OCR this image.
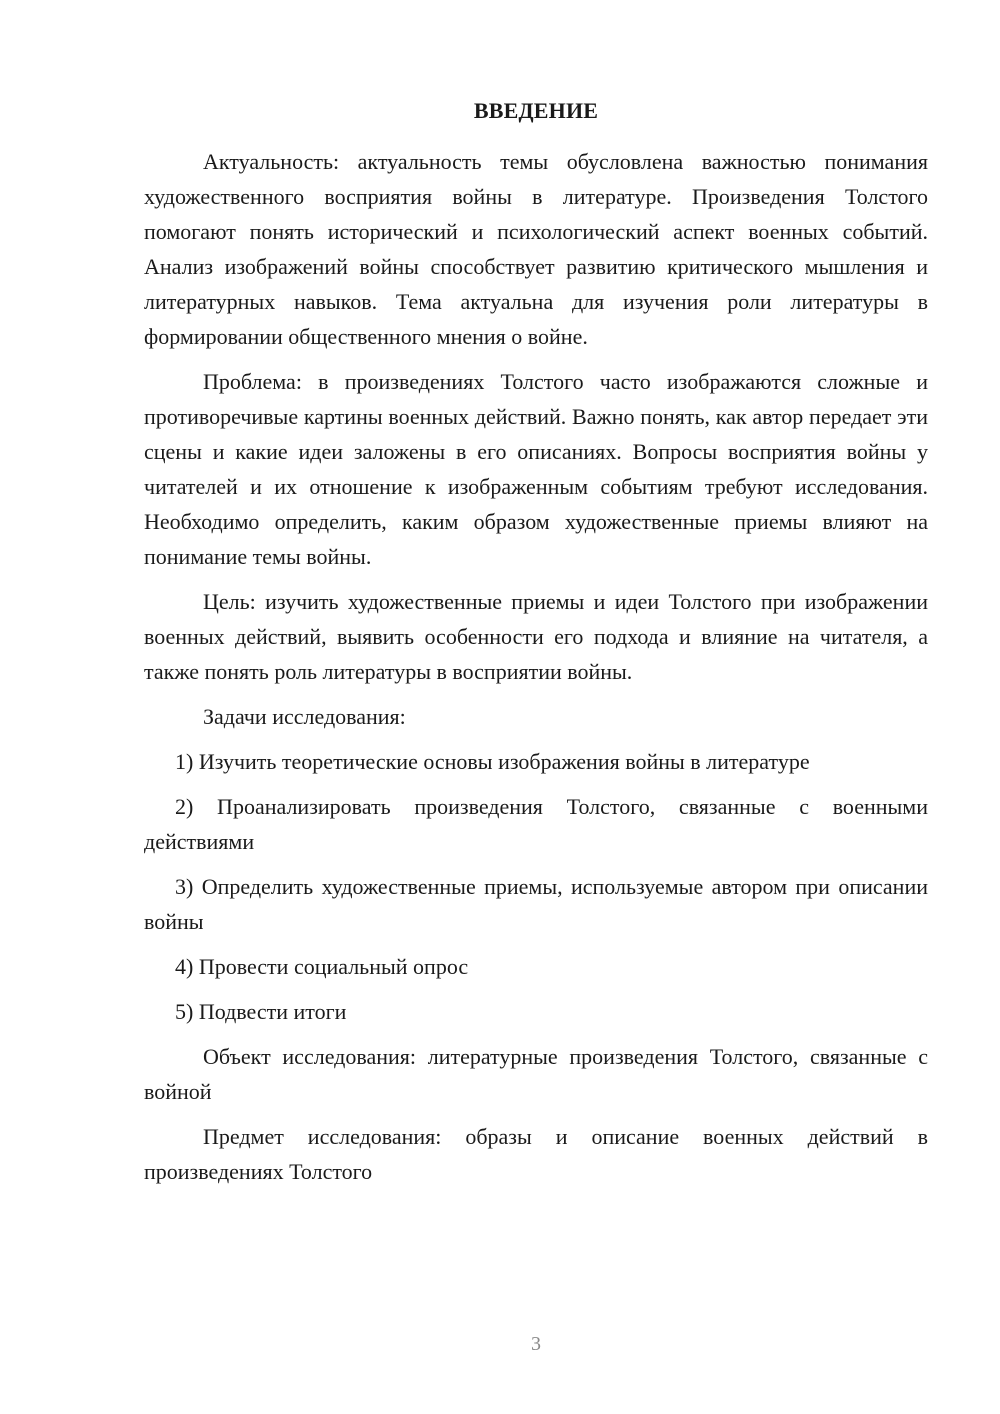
ВВЕДЕНИЕ

Актуальность: актуальность темы обусловлена важностью понимания художественного восприятия войны в литературе. Произведения Толстого помогают понять исторический и психологический аспект военных событий. Анализ изображений войны способствует развитию критического мышления и литературных навыков. Тема актуальна для изучения роли литературы в формировании общественного мнения о войне.

Проблема: в произведениях Толстого часто изображаются сложные и противоречивые картины военных действий. Важно понять, как автор передает эти сцены и какие идеи заложены в его описаниях. Вопросы восприятия войны у читателей и их отношение к изображенным событиям требуют исследования. Необходимо определить, каким образом художественные приемы влияют на понимание темы войны.

Цель: изучить художественные приемы и идеи Толстого при изображении военных действий, выявить особенности его подхода и влияние на читателя, а также понять роль литературы в восприятии войны.

Задачи исследования:

1) Изучить теоретические основы изображения войны в литературе

2) Проанализировать произведения Толстого, связанные с военными действиями

3) Определить художественные приемы, используемые автором при описании войны

4) Провести социальный опрос

5) Подвести итоги

Объект исследования: литературные произведения Толстого, связанные с войной

Предмет исследования: образы и описание военных действий в произведениях Толстого

3
